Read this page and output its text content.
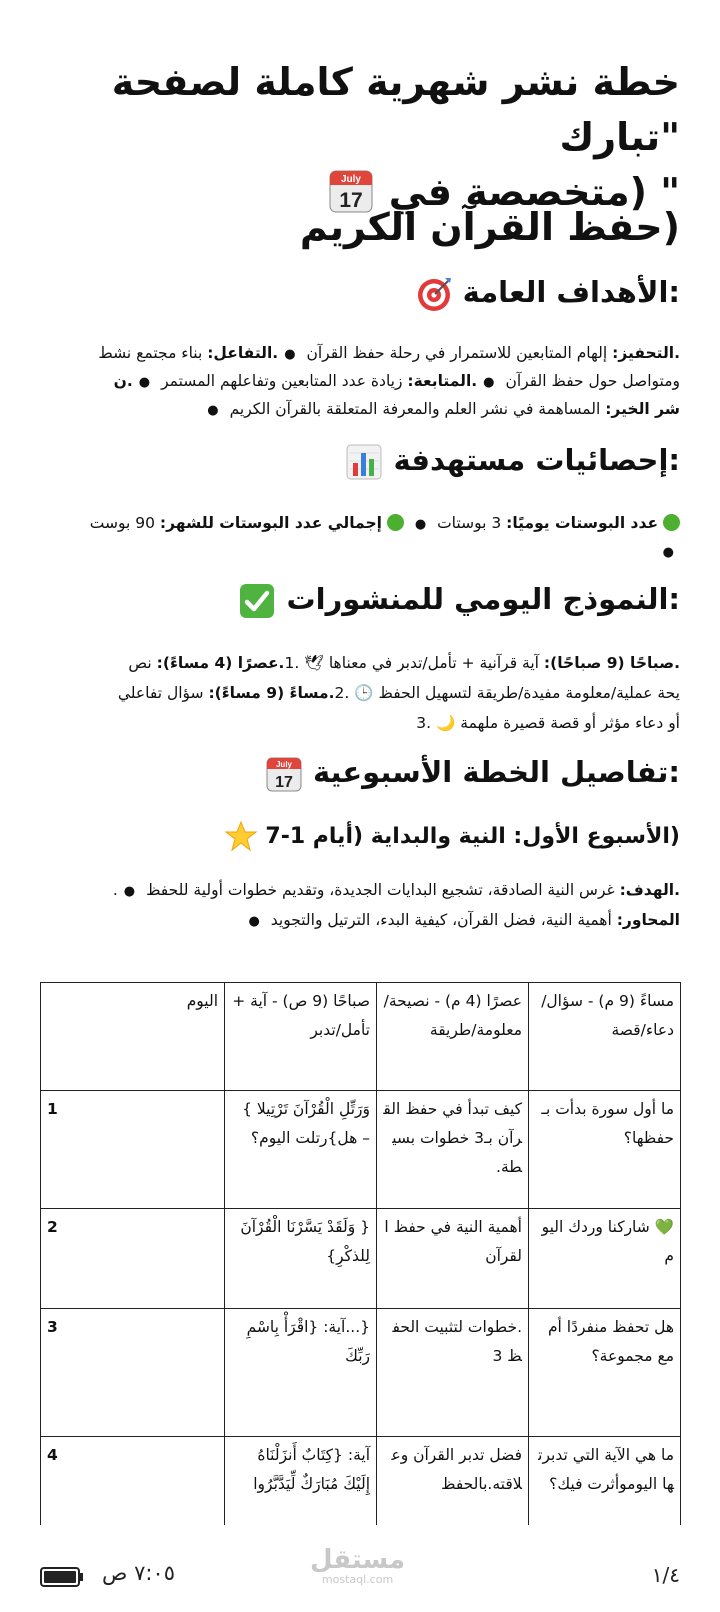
خطة نشر شهرية كاملة لصفحة "تبارك
" (متخصصة في
July
17
(حفظ القرآن الكريم
:الأهداف العامة

.التحفيز: إلهام المتابعين للاستمرار في رحلة حفظ القرآن ●.التفاعل: بناء مجتمع نشط
ومتواصل حول حفظ القرآن ●.المتابعة: زيادة عدد المتابعين وتفاعلهم المستمر ●.ن
شر الخير: المساهمة في نشر العلم والمعرفة المتعلقة بالقرآن الكريم ●

:إحصائيات مستهدفة

عدد البوستات يوميًا: 3 بوستات ●  إجمالي عدد البوستات للشهر: 90 بوست
●

:النموذج اليومي للمنشورات

.صباحًا (9 صباحًا): آية قرآنية + تأمل/تدبر في معناها 🕊 .1.عصرًا (4 مساءً): نص
يحة عملية/معلومة مفيدة/طريقة لتسهيل الحفظ 🕒 .2.مساءً (9 مساءً): سؤال تفاعلي
أو دعاء مؤثر أو قصة قصيرة ملهمة 🌙 .3

:تفاصيل الخطة الأسبوعية
July
17
(الأسبوع الأول: النية والبداية (أيام 1-7

.الهدف: غرس النية الصادقة، تشجيع البدايات الجديدة، وتقديم خطوات أولية للحفظ ●.
المحاور: أهمية النية، فضل القرآن، كيفية البدء، الترتيل والتجويد ●

مساءً (9 م) - سؤال/دعاء/قصة	عصرًا (4 م) - نصيحة/معلومة/طريقة	صباحًا (9 ص) - آية +تأمل/تدبر	اليوم
ما أول سورة بدأت بـ حفظها؟	كيف تبدأ في حفظ القرآن بـ3 خطوات بسيطة.	وَرَتِّلِ الْقُرْآنَ تَرْتِيلا } – هل}رتلت اليوم؟	1
💚 شاركنا وردك اليوم	أهمية النية في حفظ القرآن	{ وَلَقَدْ يَسَّرْنَا الْقُرْآنَ لِلذكْرِ}	2
هل تحفظ منفردًا أم مع مجموعة؟	.خطوات لتثبيت الحفظ 3	{...آية: {اقْرَأْ بِاسْمِ رَبِّكَ	3
ما هي الآية التي تدبرتها اليوموأثرت فيك؟	فضل تدبر القرآن وعلاقته.بالحفظ	آية: {كِتَابٌ أَنزَلْنَاهُ إِلَيْكَ مُبَارَكٌ لِّيَدَّبَّرُوا	4
١/٤
مستقل
mostaql.com
٧:٠٥ ص
